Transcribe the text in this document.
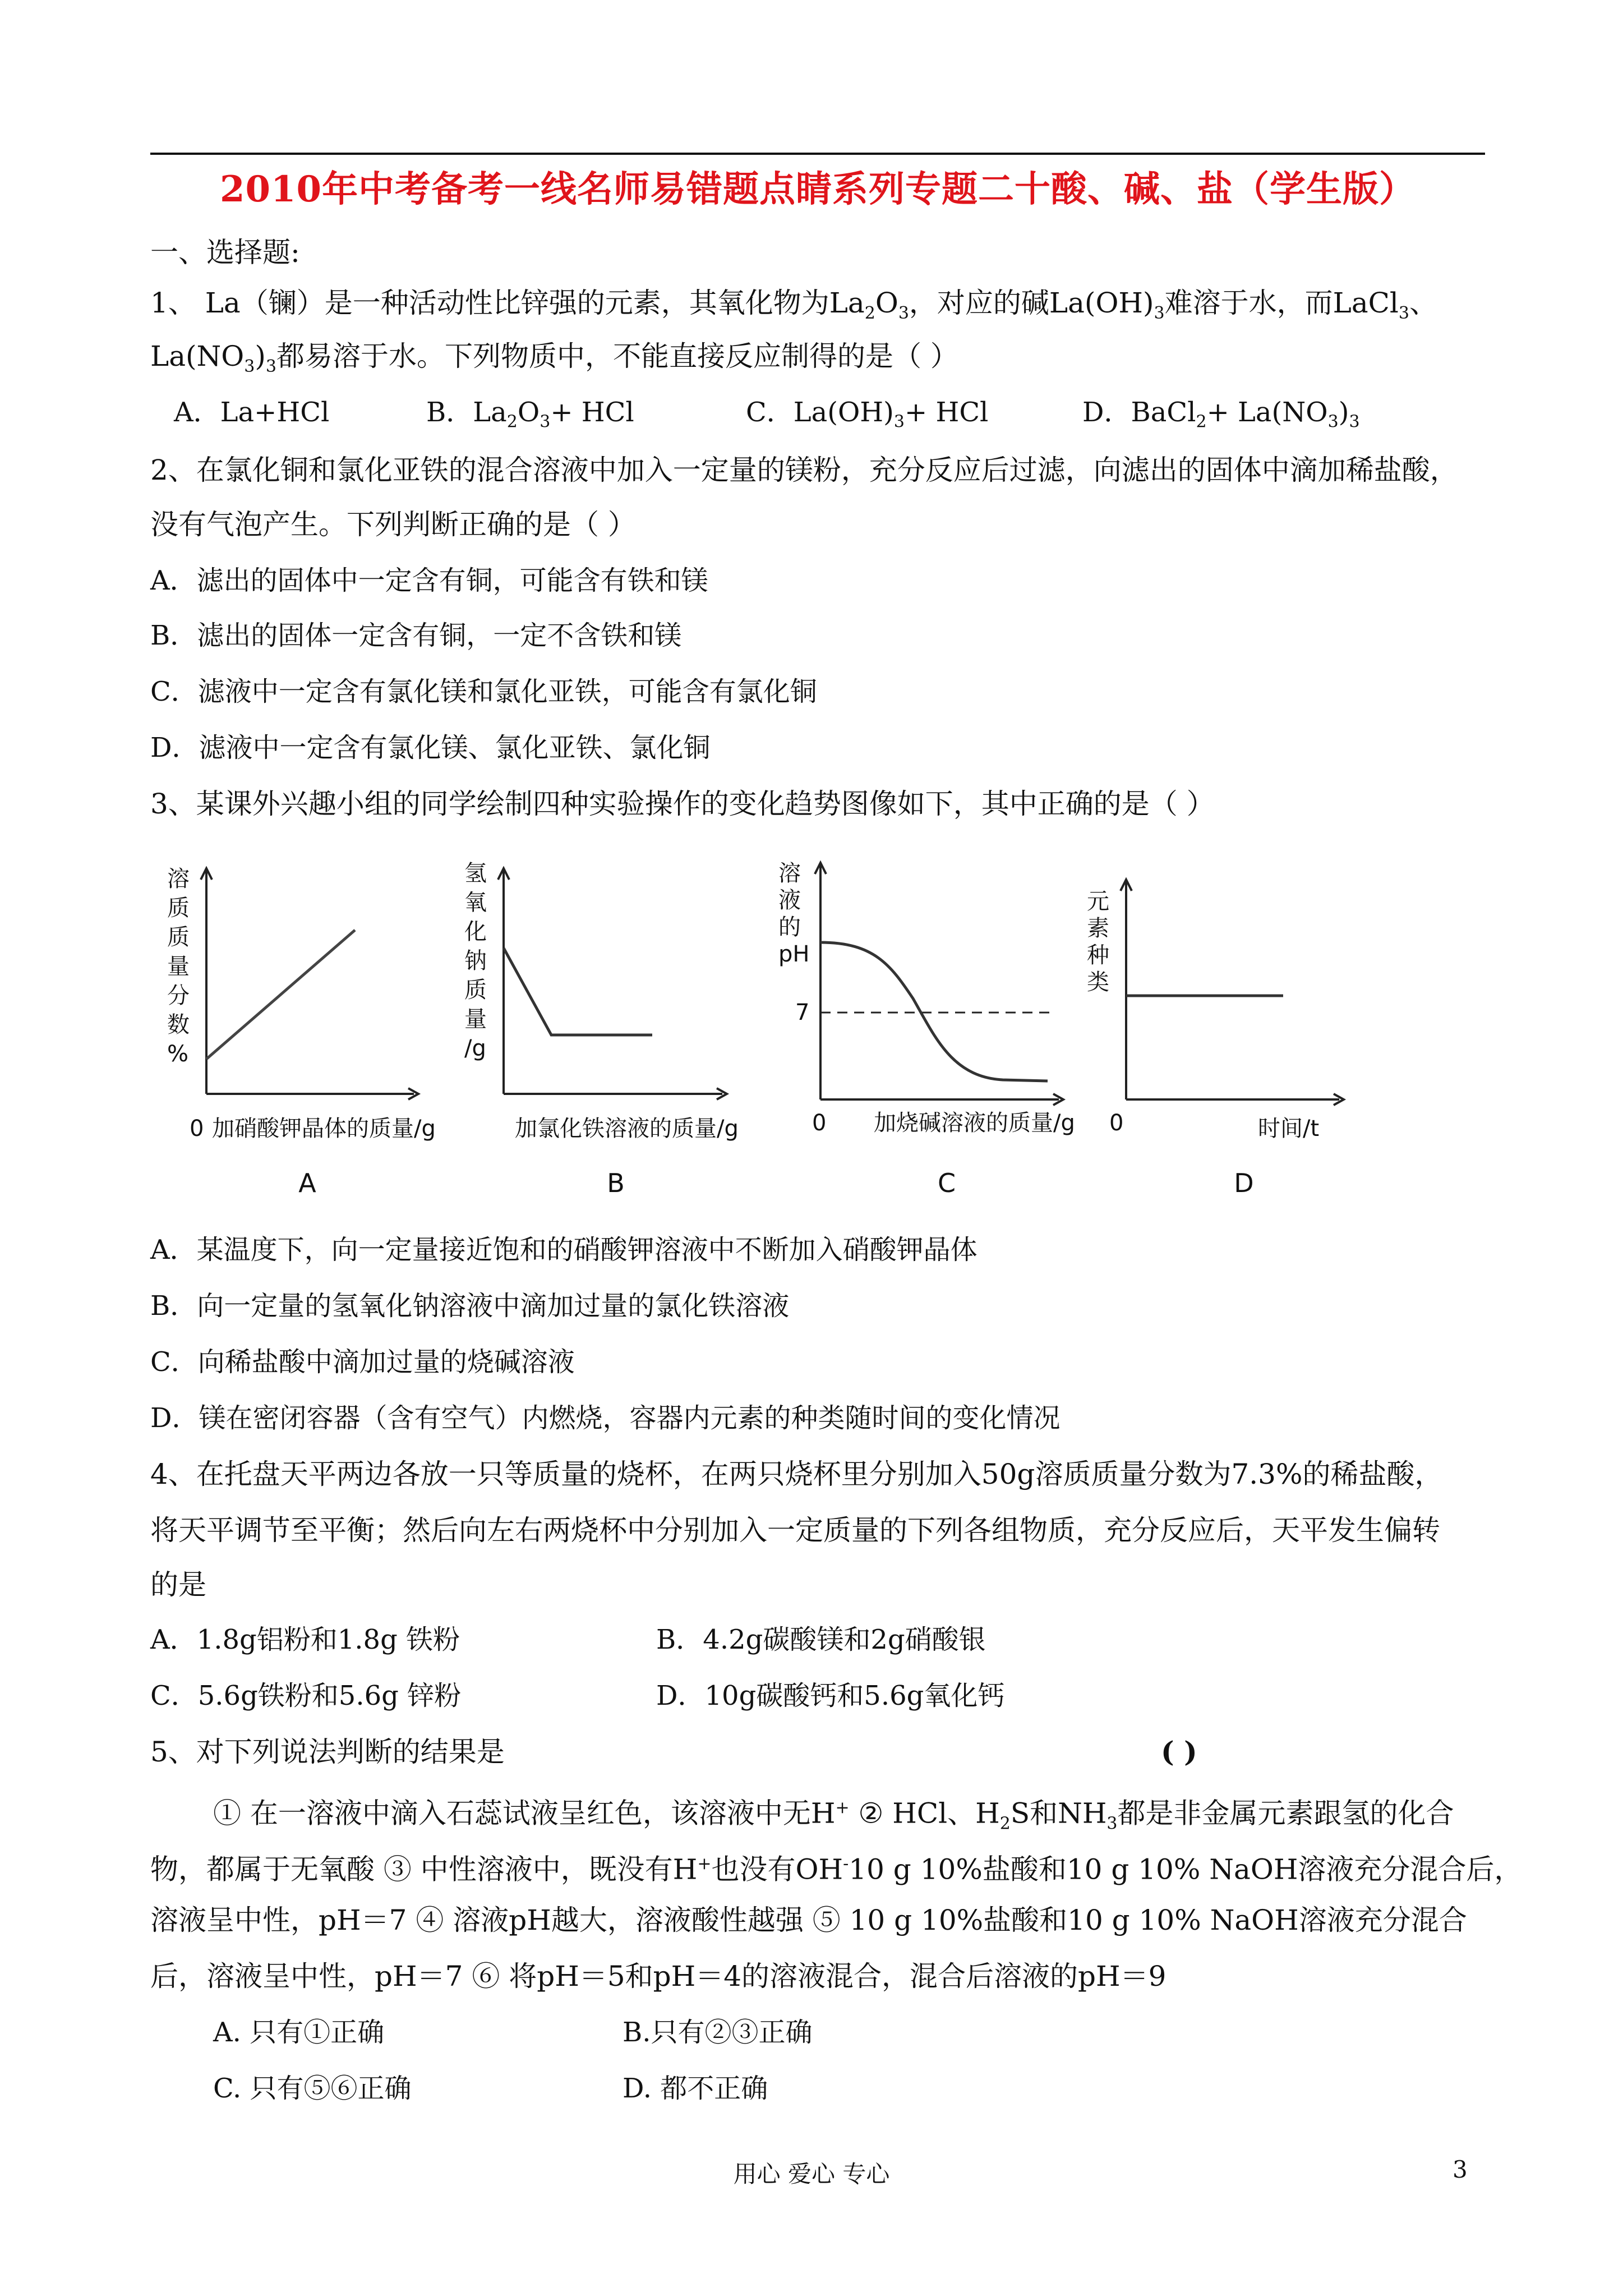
2010年中考备考一线名师易错题点睛系列专题二十酸、碱、盐（学生版）
一、选择题:
1、 La（镧）是一种活动性比锌强的元素，其氧化物为$La_2O_3$，对应的碱$La(OH)_3$难溶于水，而LaCl$_3$、
$La(NO_3)_3$都易溶于水。下列物质中，不能直接反应制得的是（ ）
A．La+HCl	B．$La_2O_3+$ HCl	C．$La(OH)_3+$ HCl	D．BaCl$_2$+ $La(NO_3)_3$
2、在氯化铜和氯化亚铁的混合溶液中加入一定量的镁粉，充分反应后过滤，向滤出的固体中滴加稀盐酸，
没有气泡产生。下列判断正确的是（ ）
A．滤出的固体中一定含有铜，可能含有铁和镁
B．滤出的固体一定含有铜，一定不含铁和镁
C．滤液中一定含有氯化镁和氯化亚铁，可能含有氯化铜
D．滤液中一定含有氯化镁、氯化亚铁、氯化铜
3、某课外兴趣小组的同学绘制四种实验操作的变化趋势图像如下，其中正确的是（ ）
溶
质
质
量
分
数
%
0 加硝酸钾晶体的质量/g
A
氢
氧
化
钠
质
量
/g
加氯化铁溶液的质量/g
B
溶
液
的
pH
7
0 加烧碱溶液的质量/g
C
元
素
种
类
0	时间/t
D
A．某温度下，向一定量接近饱和的硝酸钾溶液中不断加入硝酸钾晶体
B．向一定量的氢氧化钠溶液中滴加过量的氯化铁溶液
C．向稀盐酸中滴加过量的烧碱溶液
D．镁在密闭容器（含有空气）内燃烧，容器内元素的种类随时间的变化情况
4、在托盘天平两边各放一只等质量的烧杯，在两只烧杯里分别加入50g溶质质量分数为7.3%的稀盐酸，
将天平调节至平衡；然后向左右两烧杯中分别加入一定质量的下列各组物质，充分反应后，天平发生偏转
的是
A．1.8g铝粉和1.8g 铁粉	B．4.2g碳酸镁和2g硝酸银
C．5.6g铁粉和5.6g 锌粉	D．10g碳酸钙和5.6g氧化钙
5、对下列说法判断的结果是	( )
① 在一溶液中滴入石蕊试液呈红色，该溶液中无H+ ② HCl、$H_2S$和$NH_3$都是非金属元素跟氢的化合
物，都属于无氧酸 ③ 中性溶液中，既没有H+也没有OH-10 g 10%盐酸和10 g 10% NaOH溶液充分混合后，
溶液呈中性，pH＝7 ④ 溶液pH越大，溶液酸性越强 ⑤ 10 g 10%盐酸和10 g 10% NaOH溶液充分混合
后，溶液呈中性，pH＝7 ⑥ 将pH＝5和pH＝4的溶液混合，混合后溶液的pH＝9
A. 只有①正确	B.只有②③正确
C. 只有⑤⑥正确	D. 都不正确
用心 爱心 专心	3
